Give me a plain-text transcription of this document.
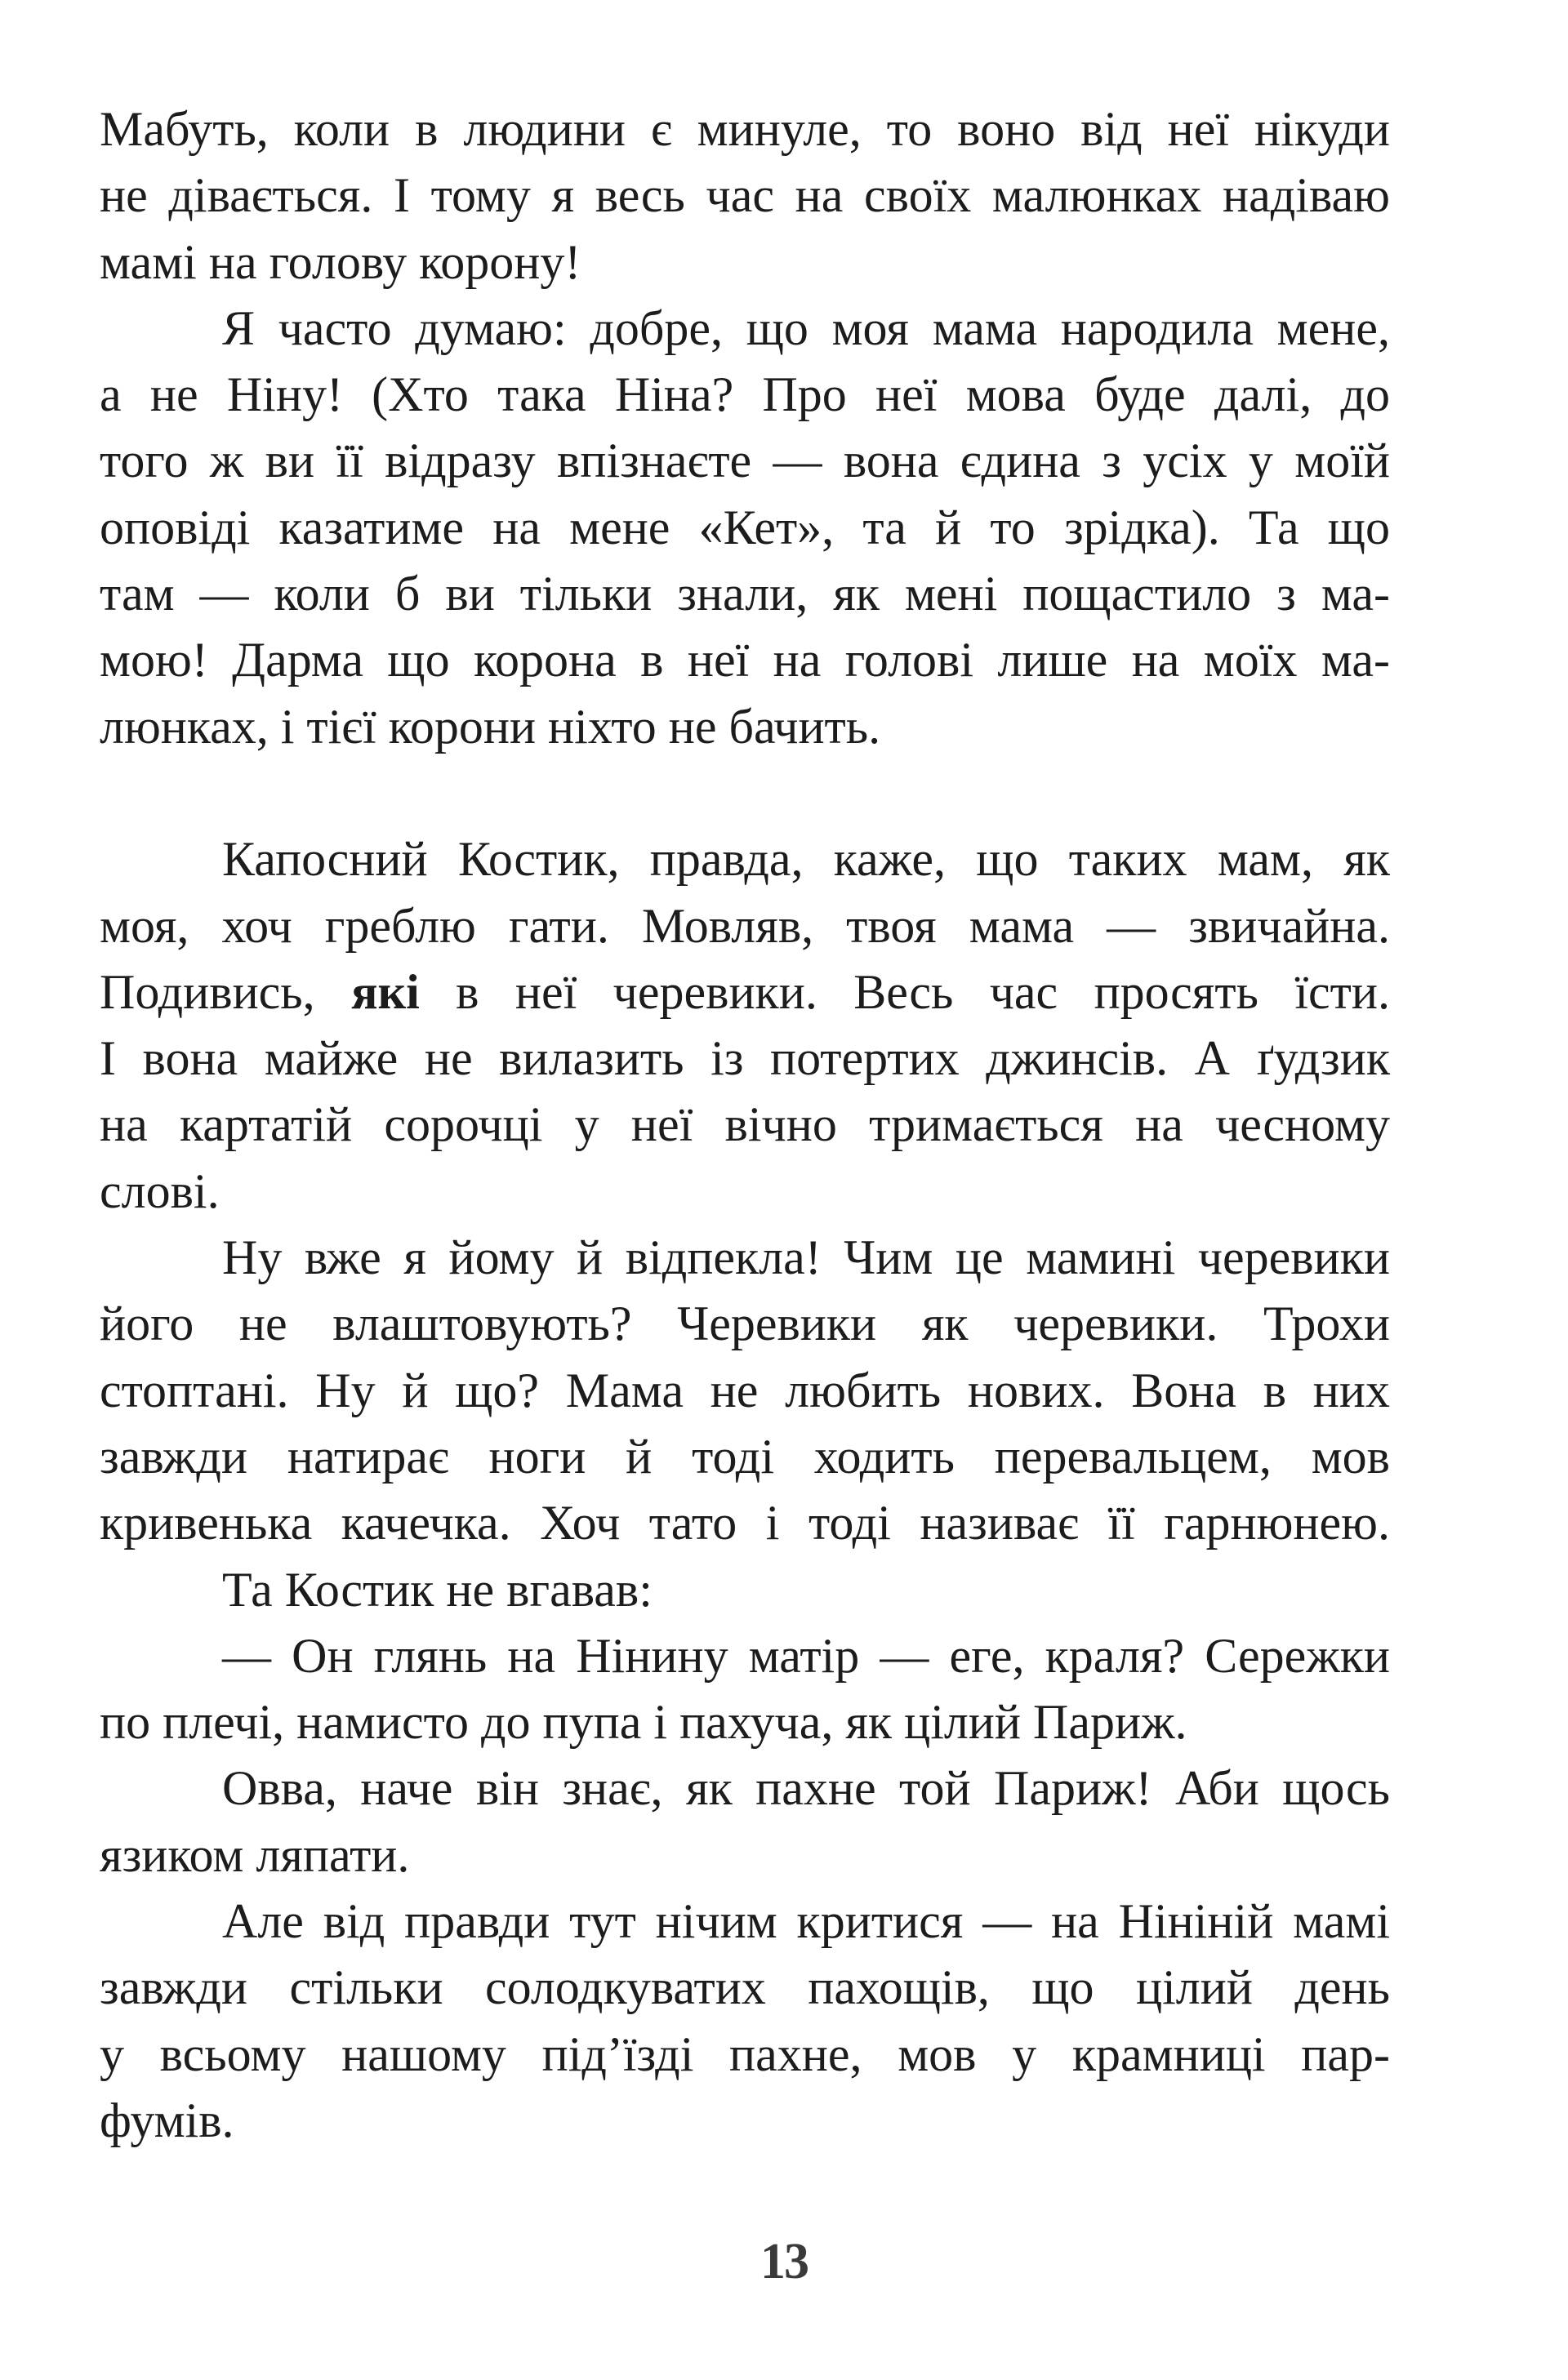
Мабуть, коли в людини є минуле, то воно від неї нікуди
не дівається. І тому я весь час на своїх малюнках надіваю
мамі на голову корону!
Я часто думаю: добре, що моя мама народила мене,
а не Ніну! (Хто така Ніна? Про неї мова буде далі, до
того ж ви її відразу впізнаєте — вона єдина з усіх у моїй
оповіді казатиме на мене «Кет», та й то зрідка). Та що
там — коли б ви тільки знали, як мені пощастило з ма-
мою! Дарма що корона в неї на голові лише на моїх ма-
люнках, і тієї корони ніхто не бачить.
Капосний Костик, правда, каже, що таких мам, як
моя, хоч греблю гати. Мовляв, твоя мама — звичайна.
Подивись, які в неї черевики. Весь час просять їсти.
І вона майже не вилазить із потертих джинсів. А ґудзик
на картатій сорочці у неї вічно тримається на чесному
слові.
Ну вже я йому й відпекла! Чим це мамині черевики
його не влаштовують? Черевики як черевики. Трохи
стоптані. Ну й що? Мама не любить нових. Вона в них
завжди натирає ноги й тоді ходить перевальцем, мов
кривенька качечка. Хоч тато і тоді називає її гарнюнею.
Та Костик не вгавав:
— Он глянь на Нінину матір — еге, краля? Сережки
по плечі, намисто до пупа і пахуча, як цілий Париж.
Овва, наче він знає, як пахне той Париж! Аби щось
язиком ляпати.
Але від правди тут нічим критися — на Нініній мамі
завжди стільки солодкуватих пахощів, що цілий день
у всьому нашому під’їзді пахне, мов у крамниці пар-
фумів.
13
